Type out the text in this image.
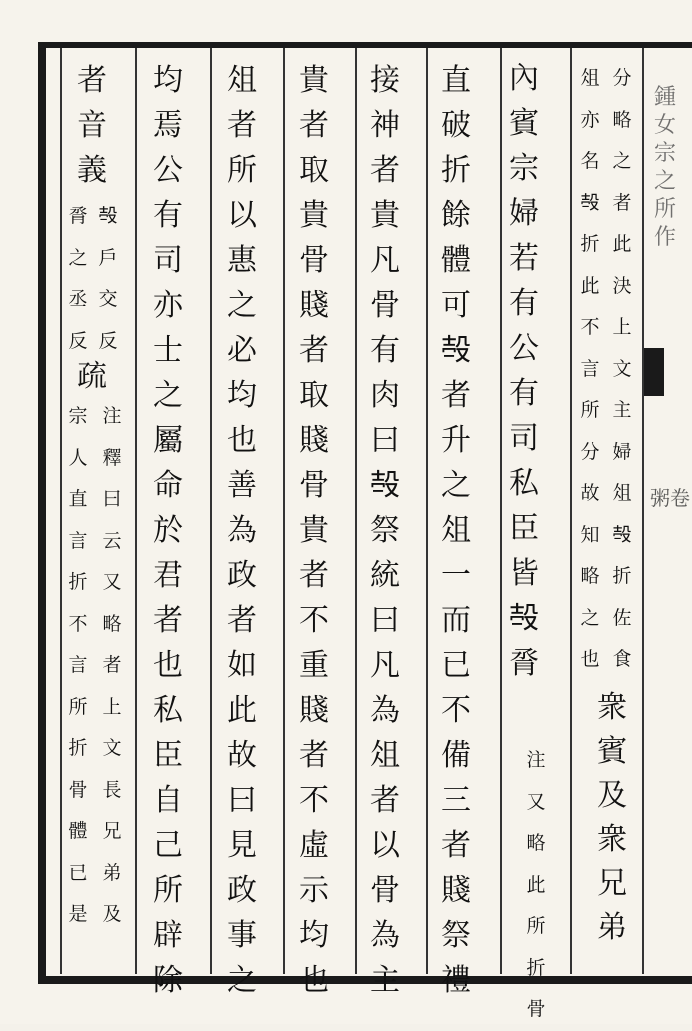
鍾
女
宗
之
所
作
粥卷
分
略
之
者
此
決
上
文
主
婦
俎
𣪊
折
佐
食
俎
亦
名
𣪊
折
此
不
言
所
分
故
知
略
之
也
衆
賓
及
衆
兄
弟
內
賓
宗
婦
若
有
公
有
司
私
臣
皆
𣪊
脀
注
又
略
此
所
折
骨
直
破
折
餘
體
可
𣪊
者
升
之
俎
一
而
已
不
備
三
者
賤
祭
禮
接
神
者
貴
凡
骨
有
肉
曰
𣪊
祭
統
曰
凡
為
俎
者
以
骨
為
主
貴
者
取
貴
骨
賤
者
取
賤
骨
貴
者
不
重
賤
者
不
虛
示
均
也
俎
者
所
以
惠
之
必
均
也
善
為
政
者
如
此
故
曰
見
政
事
之
均
焉
公
有
司
亦
士
之
屬
命
於
君
者
也
私
臣
自
己
所
辟
除
者
音
義
𣪊
戶
交
反
脀
之
丞
反
疏
注
釋
曰
云
又
略
者
上
文
長
兄
弟
及
宗
人
直
言
折
不
言
所
折
骨
體
已
是
